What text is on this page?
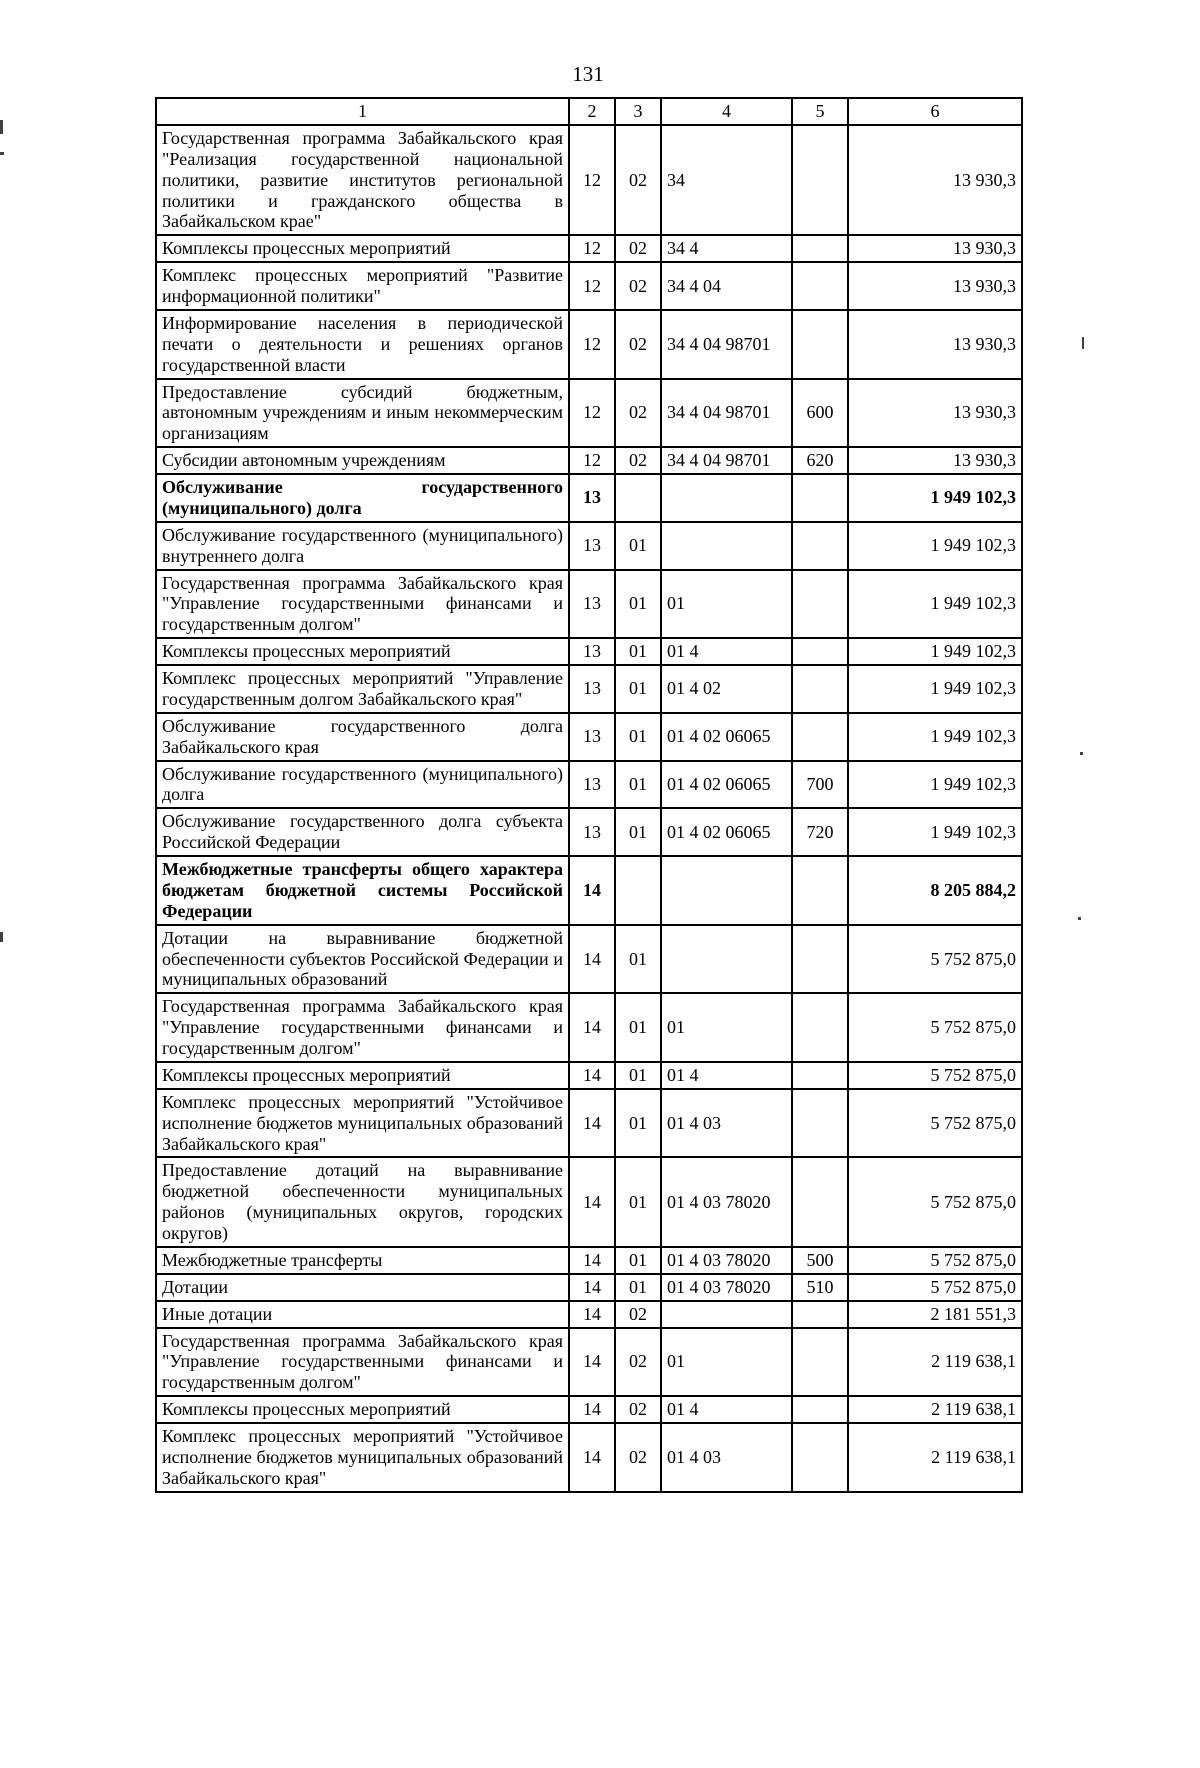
131
1	2	3	4	5	6
Государственная программа Забайкальского края "Реализация государственной национальной политики, развитие институтов региональной политики и гражданского общества в Забайкальском крае"	12	02	34		13 930,3
Комплексы процессных мероприятий	12	02	34 4		13 930,3
Комплекс процессных мероприятий "Развитие информационной политики"	12	02	34 4 04		13 930,3
Информирование населения в периодической печати о деятельности и решениях органов государственной власти	12	02	34 4 04 98701		13 930,3
Предоставление субсидий бюджетным, автономным учреждениям и иным некоммерческим организациям	12	02	34 4 04 98701	600	13 930,3
Субсидии автономным учреждениям	12	02	34 4 04 98701	620	13 930,3
Обслуживание государственного (муниципального) долга	13				1 949 102,3
Обслуживание государственного (муниципального) внутреннего долга	13	01			1 949 102,3
Государственная программа Забайкальского края "Управление государственными финансами и государственным долгом"	13	01	01		1 949 102,3
Комплексы процессных мероприятий	13	01	01 4		1 949 102,3
Комплекс процессных мероприятий "Управление государственным долгом Забайкальского края"	13	01	01 4 02		1 949 102,3
Обслуживание государственного долга Забайкальского края	13	01	01 4 02 06065		1 949 102,3
Обслуживание государственного (муниципального) долга	13	01	01 4 02 06065	700	1 949 102,3
Обслуживание государственного долга субъекта Российской Федерации	13	01	01 4 02 06065	720	1 949 102,3
Межбюджетные трансферты общего характера бюджетам бюджетной системы Российской Федерации	14				8 205 884,2
Дотации на выравнивание бюджетной обеспеченности субъектов Российской Федерации и муниципальных образований	14	01			5 752 875,0
Государственная программа Забайкальского края "Управление государственными финансами и государственным долгом"	14	01	01		5 752 875,0
Комплексы процессных мероприятий	14	01	01 4		5 752 875,0
Комплекс процессных мероприятий "Устойчивое исполнение бюджетов муниципальных образований Забайкальского края"	14	01	01 4 03		5 752 875,0
Предоставление дотаций на выравнивание бюджетной обеспеченности муниципальных районов (муниципальных округов, городских округов)	14	01	01 4 03 78020		5 752 875,0
Межбюджетные трансферты	14	01	01 4 03 78020	500	5 752 875,0
Дотации	14	01	01 4 03 78020	510	5 752 875,0
Иные дотации	14	02			2 181 551,3
Государственная программа Забайкальского края "Управление государственными финансами и государственным долгом"	14	02	01		2 119 638,1
Комплексы процессных мероприятий	14	02	01 4		2 119 638,1
Комплекс процессных мероприятий "Устойчивое исполнение бюджетов муниципальных образований Забайкальского края"	14	02	01 4 03		2 119 638,1
